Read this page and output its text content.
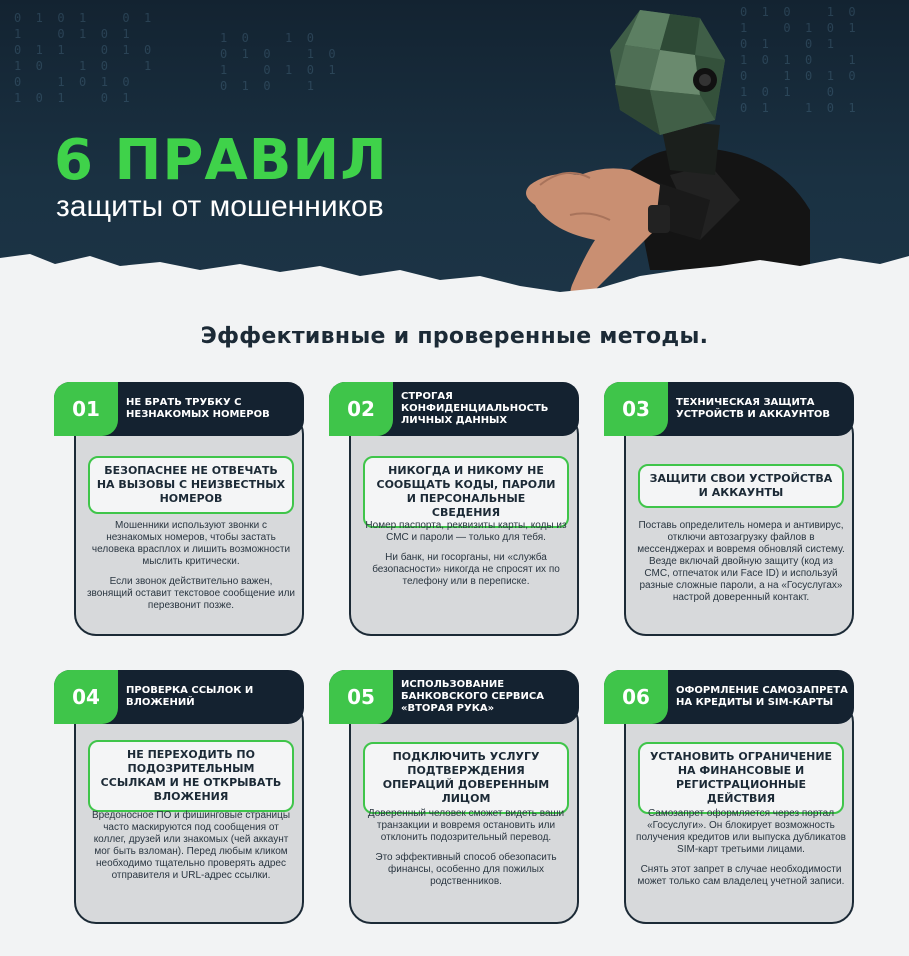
0  1  0  1     0  1
1     0  1  0  1
0  1  1     0  1  0
1  0     1  0     1
0     1  0  1  0
1  0  1     0  1
1  0     1  0
0  1  0     1  0
1     0  1  0  1
0  1  0     1
0  1  0     1  0
1     0  1  0  1
0  1     0  1
1  0  1  0     1
0     1  0  1  0
1  0  1     0
0  1     1  0  1
6 ПРАВИЛ
защиты от мошенников
Эффективные и проверенные методы.
БЕЗОПАСНЕЕ НЕ ОТВЕЧАТЬ НА ВЫЗОВЫ С НЕИЗВЕСТНЫХ НОМЕРОВ

Мошенники используют звонки с незнакомых номеров, чтобы застать человека врасплох и лишить возможности мыслить критически.

Если звонок действительно важен, звонящий оставит текстовое сообщение или перезвонит позже.

01	НЕ БРАТЬ ТРУБКУ С НЕЗНАКОМЫХ НОМЕРОВ
НИКОГДА И НИКОМУ НЕ СООБЩАТЬ КОДЫ, ПАРОЛИ И ПЕРСОНАЛЬНЫЕ СВЕДЕНИЯ

Номер паспорта, реквизиты карты, коды из СМС и пароли — только для тебя.

Ни банк, ни госорганы, ни «служба безопасности» никогда не спросят их по телефону или в переписке.

02
СТРОГАЯ КОНФИДЕНЦИАЛЬНОСТЬ ЛИЧНЫХ ДАННЫХ
ЗАЩИТИ СВОИ УСТРОЙСТВА И АККАУНТЫ

Поставь определитель номера и антивирус, отключи автозагрузку файлов в мессенджерах и вовремя обновляй систему. Везде включай двойную защиту (код из СМС, отпечаток или Face ID) и используй разные сложные пароли, а на «Госуслугах» настрой доверенный контакт.

03	ТЕХНИЧЕСКАЯ ЗАЩИТА УСТРОЙСТВ И АККАУНТОВ
НЕ ПЕРЕХОДИТЬ ПО ПОДОЗРИТЕЛЬНЫМ ССЫЛКАМ И НЕ ОТКРЫВАТЬ ВЛОЖЕНИЯ

Вредоносное ПО и фишинговые страницы часто маскируются под сообщения от коллег, друзей или знакомых (чей аккаунт мог быть взломан). Перед любым кликом необходимо тщательно проверять адрес отправителя и URL-адрес ссылки.

04	ПРОВЕРКА ССЫЛОК И ВЛОЖЕНИЙ
ПОДКЛЮЧИТЬ УСЛУГУ ПОДТВЕРЖДЕНИЯ ОПЕРАЦИЙ ДОВЕРЕННЫМ ЛИЦОМ

Доверенный человек сможет видеть ваши транзакции и вовремя остановить или отклонить подозрительный перевод.

Это эффективный способ обезопасить финансы, особенно для пожилых родственников.

05
ИСПОЛЬЗОВАНИЕ БАНКОВСКОГО СЕРВИСА «ВТОРАЯ РУКА»
УСТАНОВИТЬ ОГРАНИЧЕНИЕ НА ФИНАНСОВЫЕ И РЕГИСТРАЦИОННЫЕ ДЕЙСТВИЯ

Самозапрет оформляется через портал «Госуслуги». Он блокирует возможность получения кредитов или выпуска дубликатов SIM-карт третьими лицами.

Снять этот запрет в случае необходимости может только сам владелец учетной записи.

06	ОФОРМЛЕНИЕ САМОЗАПРЕТА НА КРЕДИТЫ И SIM-КАРТЫ
